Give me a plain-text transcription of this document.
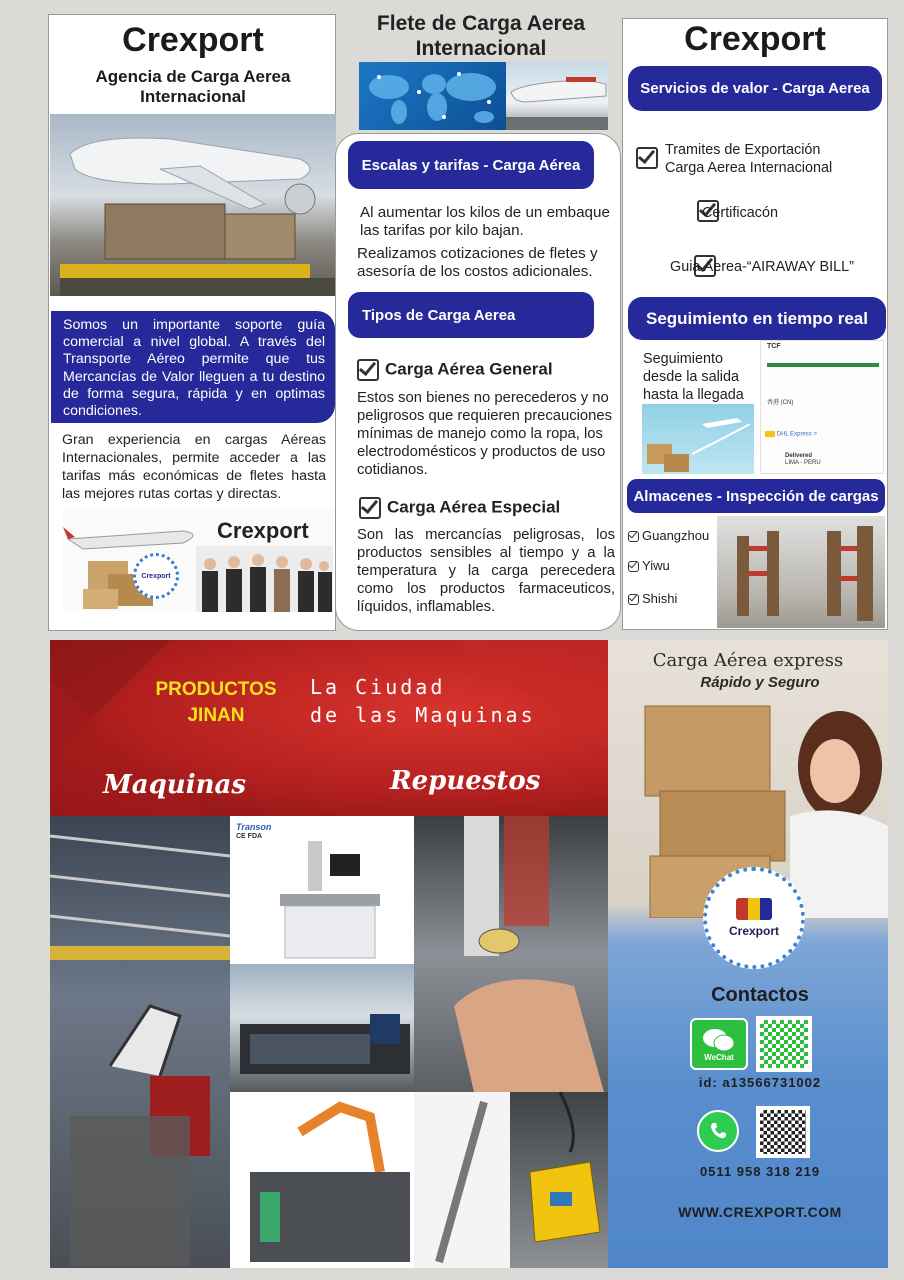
Crexport
Agencia de Carga Aerea
Internacional
Somos un importante soporte guía comercial a nivel global. A través del Transporte Aéreo permite que tus Mercancías de Valor lleguen a tu destino de forma segura, rápida y en optimas condiciones.
Gran experiencia en cargas Aéreas Internacionales, permite acceder a las tarifas más económicas de fletes hasta las mejores rutas cortas y directas.
Crexport
Crexport
Flete de Carga Aerea
Internacional
Escalas y tarifas - Carga Aérea
Al aumentar los kilos de un embaque las tarifas por kilo bajan.
Realizamos cotizaciones de fletes y asesoría de los costos adicionales.
Tipos de Carga Aerea
Carga Aérea General
Estos son bienes no perecederos y no peligrosos que requieren precauciones mínimas de manejo como la ropa, los electrodomésticos y productos de uso cotidianos.
Carga Aérea Especial
Son las mercancías peligrosas, los productos sensibles al tiempo y a la temperatura y la carga perecedera como los productos farmaceuticos, líquidos, inflamables.
Crexport
Servicios de valor - Carga Aerea

Tramites de Exportación
Carga Aerea Internacional

Certificacón
Guia Aerea-“AIRAWAY BILL”
Seguimiento en tiempo real
Seguimiento desde la salida hasta la llegada
TCF
香港 (CN)
DHL Express >
Delivered
LIMA - PERU
Almacenes - Inspección de cargas
Guangzhou
Yiwu
Shishi
PRODUCTOS
JINAN
La Ciudad
de las Maquinas
Maquinas	Repuestos
Transon
CE FDA
Carga Aérea express
Rápido y Seguro
Crexport
Contactos
WeChat
id: a13566731002
0511 958 318 219
WWW.CREXPORT.COM
